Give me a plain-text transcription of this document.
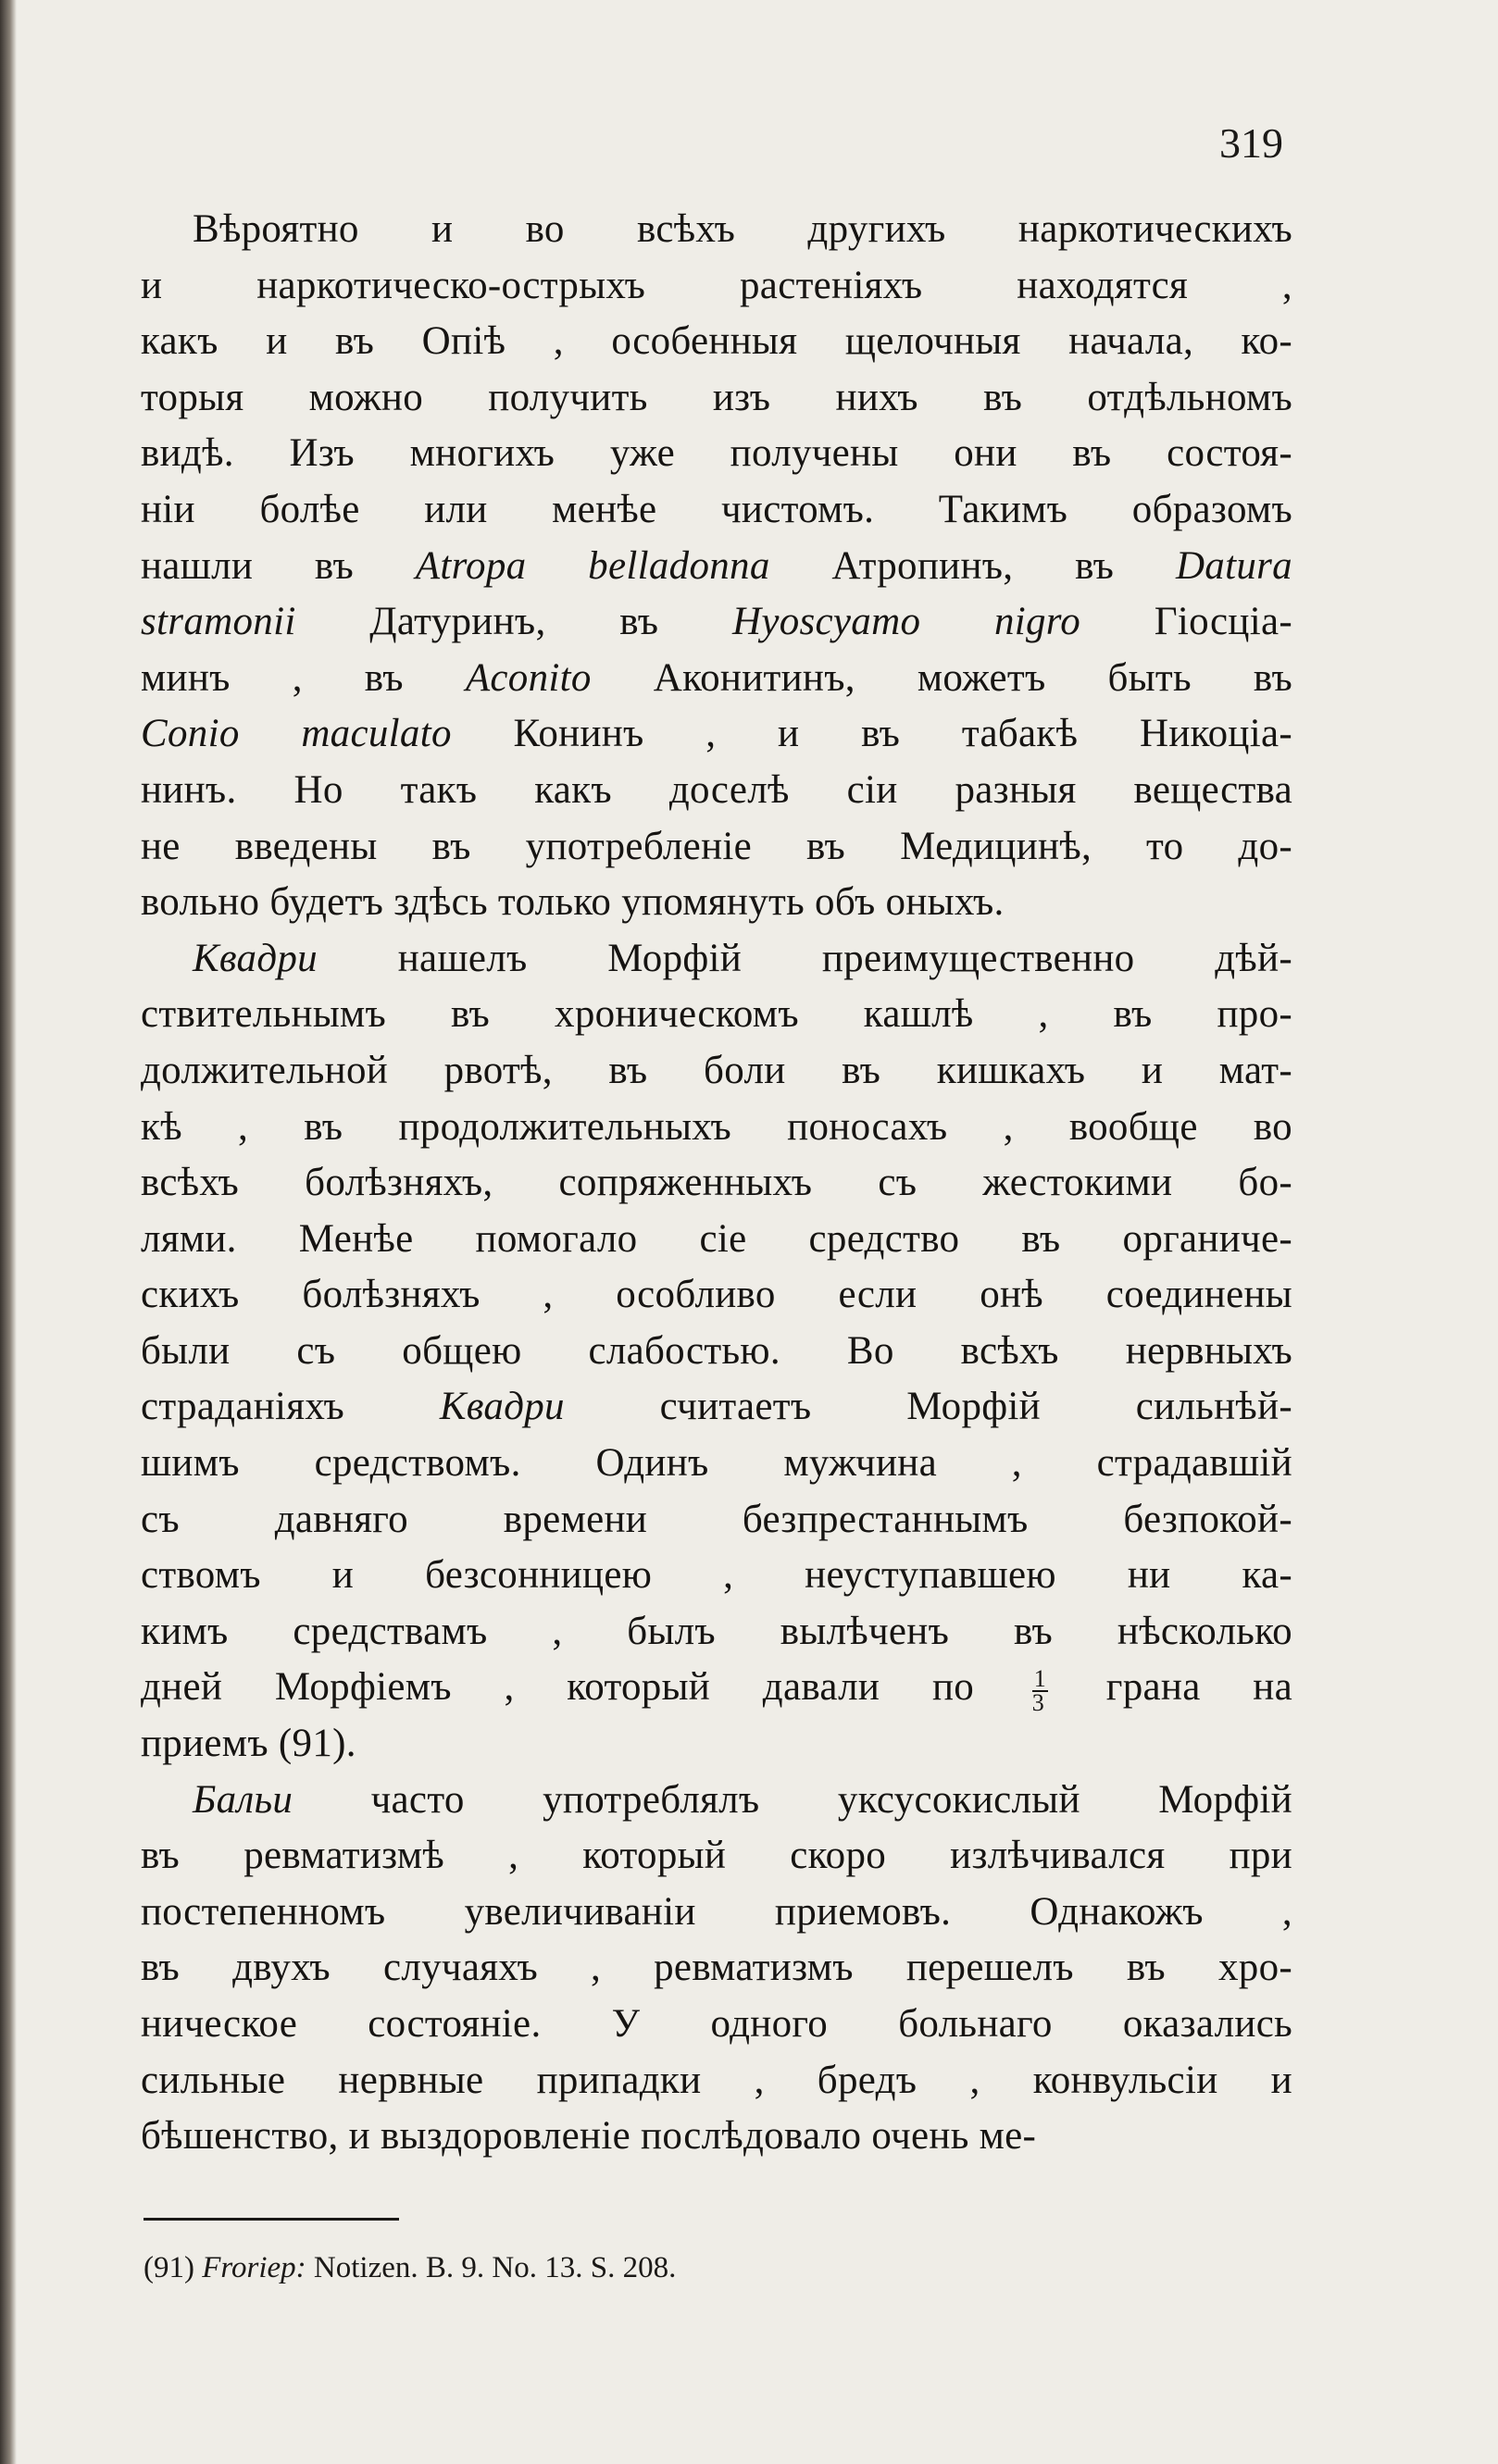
319
Вѣроятно и во всѣхъ другихъ наркотическихъ
и наркотическо-острыхъ растеніяхъ находятся ,
какъ и въ Опіѣ , особенныя щелочныя начала, ко-
торыя можно получить изъ нихъ въ отдѣльномъ
видѣ. Изъ многихъ уже получены они въ состоя-
ніи болѣе или менѣе чистомъ. Такимъ образомъ
нашли въ Atropa belladonna Атропинъ, въ Datura
stramonii Датуринъ, въ Hyoscyamo nigro Гіосціа-
минъ , въ Aconito Аконитинъ, можетъ быть въ
Conio maculato Конинъ , и въ табакѣ Никоціа-
нинъ. Но такъ какъ доселѣ сіи разныя вещества
не введены въ употребленіе въ Медицинѣ, то до-
вольно будетъ здѣсь только упомянуть объ оныхъ.
Квадри нашелъ Морфій преимущественно дѣй-
ствительнымъ въ хроническомъ кашлѣ , въ про-
должительной рвотѣ, въ боли въ кишкахъ и мат-
кѣ , въ продолжительныхъ поносахъ , вообще во
всѣхъ болѣзняхъ, сопряженныхъ съ жестокими бо-
лями. Менѣе помогало сіе средство въ органиче-
скихъ болѣзняхъ , особливо если онѣ соединены
были съ общею слабостью. Во всѣхъ нервныхъ
страданіяхъ Квадри считаетъ Морфій сильнѣй-
шимъ средствомъ. Одинъ мужчина , страдавшій
съ давняго времени безпрестаннымъ безпокой-
ствомъ и безсонницею , неуступавшею ни ка-
кимъ средствамъ , былъ вылѣченъ въ нѣсколько
дней Морфіемъ , который давали по $\frac{1}{3}$ грана на
приемъ (91).
Бальи часто употреблялъ уксусокислый Морфій
въ ревматизмѣ , который скоро излѣчивался при
постепенномъ увеличиваніи приемовъ. Однакожъ ,
въ двухъ случаяхъ , ревматизмъ перешелъ въ хро-
ническое состояніе. У одного больнаго оказались
сильные нервные припадки , бредъ , конвульсіи и
бѣшенство, и выздоровленіе послѣдовало очень ме-
(91) Froriep: Notizen. B. 9. No. 13. S. 208.
